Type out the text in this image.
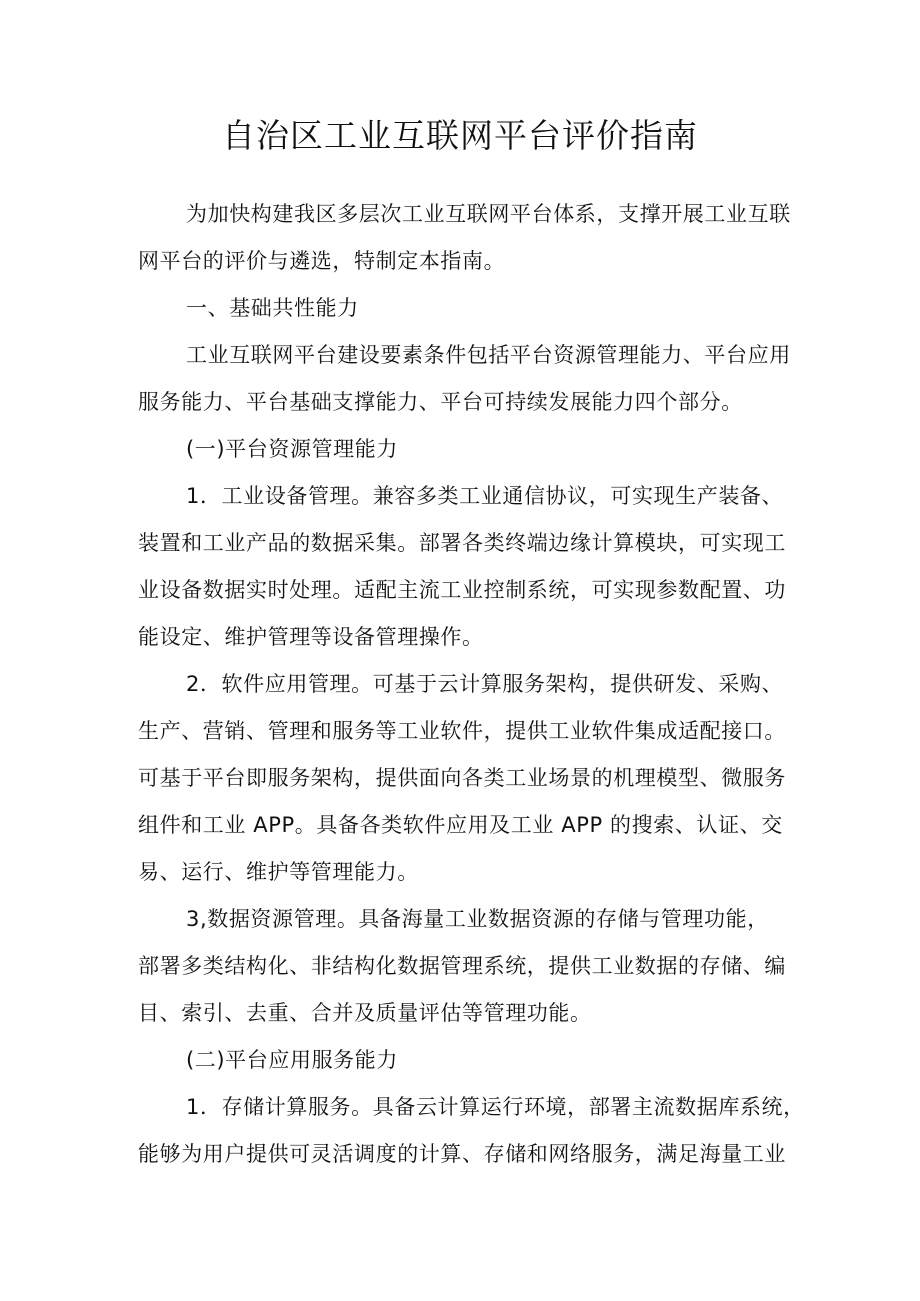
自治区工业互联网平台评价指南
为加快构建我区多层次工业互联网平台体系，支撑开展工业互联
网平台的评价与遴选，特制定本指南。
一、基础共性能力
工业互联网平台建设要素条件包括平台资源管理能力、平台应用
服务能力、平台基础支撑能力、平台可持续发展能力四个部分。
(一)平台资源管理能力
1．工业设备管理。兼容多类工业通信协议，可实现生产装备、
装置和工业产品的数据采集。部署各类终端边缘计算模块，可实现工
业设备数据实时处理。适配主流工业控制系统，可实现参数配置、功
能设定、维护管理等设备管理操作。
2．软件应用管理。可基于云计算服务架构，提供研发、采购、
生产、营销、管理和服务等工业软件，提供工业软件集成适配接口。
可基于平台即服务架构，提供面向各类工业场景的机理模型、微服务
组件和工业 APP。具备各类软件应用及工业 APP 的搜索、认证、交
易、运行、维护等管理能力。
3,数据资源管理。具备海量工业数据资源的存储与管理功能，
部署多类结构化、非结构化数据管理系统，提供工业数据的存储、编
目、索引、去重、合并及质量评估等管理功能。
(二)平台应用服务能力
1．存储计算服务。具备云计算运行环境，部署主流数据库系统，
能够为用户提供可灵活调度的计算、存储和网络服务，满足海量工业
